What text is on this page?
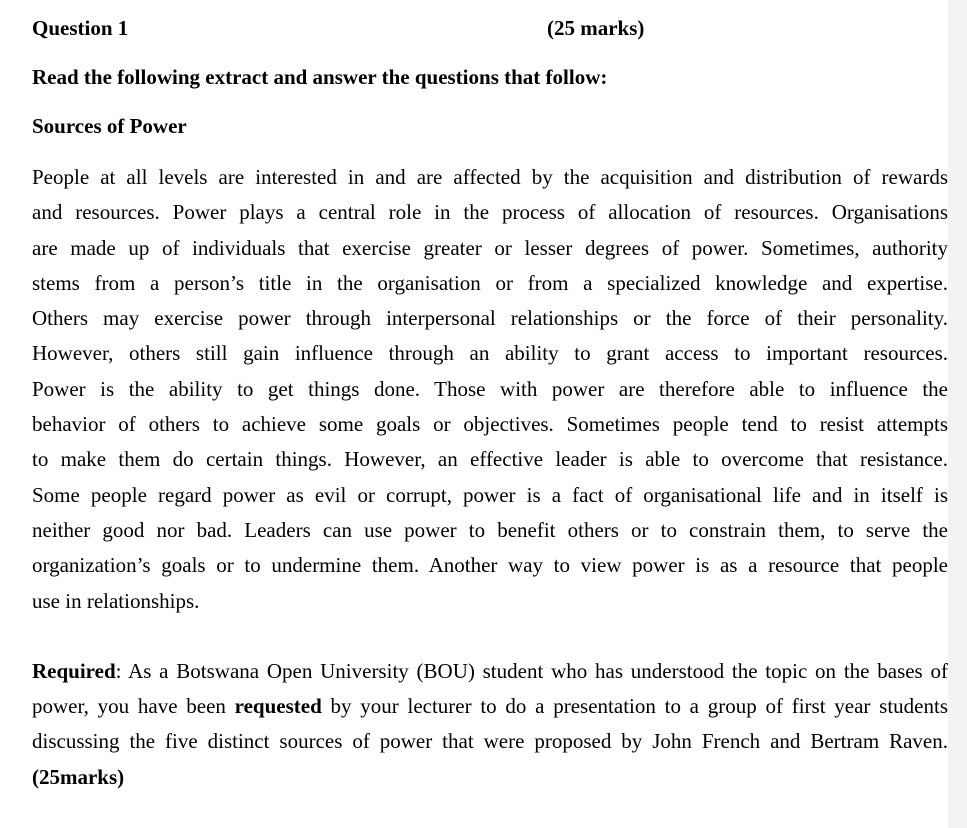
Question 1	(25 marks)
Read the following extract and answer the questions that follow:
Sources of Power

People at all levels are interested in and are affected by the acquisition and distribution of rewards
and resources. Power plays a central role in the process of allocation of resources. Organisations
are made up of individuals that exercise greater or lesser degrees of power. Sometimes, authority
stems from a person’s title in the organisation or from a specialized knowledge and expertise.
Others may exercise power through interpersonal relationships or the force of their personality.
However, others still gain influence through an ability to grant access to important resources.
Power is the ability to get things done. Those with power are therefore able to influence the
behavior of others to achieve some goals or objectives. Sometimes people tend to resist attempts
to make them do certain things. However, an effective leader is able to overcome that resistance.
Some people regard power as evil or corrupt, power is a fact of organisational life and in itself is
neither good nor bad. Leaders can use power to benefit others or to constrain them, to serve the
organization’s goals or to undermine them. Another way to view power is as a resource that people
use in relationships.

Required: As a Botswana Open University (BOU) student who has understood the topic on the bases of power, you have been requested by your lecturer to do a presentation to a group of first year students discussing the five distinct sources of power that were proposed by John French and Bertram Raven. (25marks)
